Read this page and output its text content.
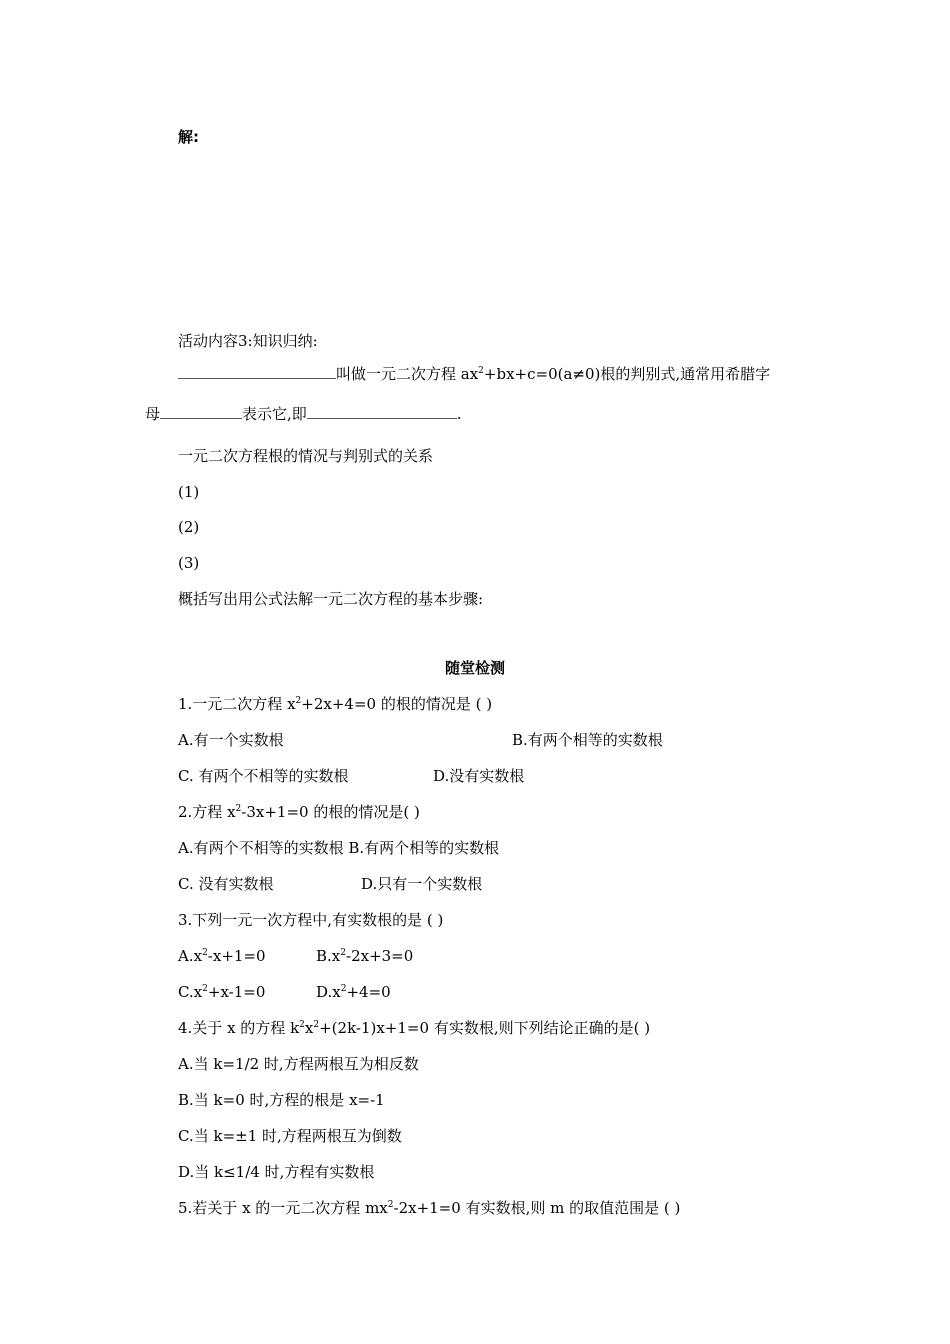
解:
活动内容3:知识归纳:
叫做一元二次方程 $ax^2+bx+c=0(a\ne 0)$根的判别式,通常用希腊字
母	表示它,即	.
一元二次方程根的情况与判别式的关系
(1)
(2)
(3)
概括写出用公式法解一元二次方程的基本步骤:
随堂检测
1.一元二次方程 $x^2+2x+4=0$ 的根的情况是 ( )
A.有一个实数根	B.有两个相等的实数根
C. 有两个不相等的实数根	D.没有实数根
2.方程 $x^2-3x+1=0$ 的根的情况是( )
A.有两个不相等的实数根 B.有两个相等的实数根
C. 没有实数根	D.只有一个实数根
3.下列一元一次方程中,有实数根的是 ( )
$A.x^2-x+1=0$	$B.x^2-2x+3=0$
$C.x^2+x-1=0$	$D.x^2+4=0$
4.关于 x 的方程 $k^2x^2+(2k-1)x+1=0$ 有实数根,则下列结论正确的是( )
A.当 k=1/2 时,方程两根互为相反数
B.当 k=0 时,方程的根是 x=-1
C.当 k=±1 时,方程两根互为倒数
D.当 k≤1/4 时,方程有实数根
5.若关于 x 的一元二次方程 $mx^2-2x+1=0$ 有实数根,则 m 的取值范围是 ( )
